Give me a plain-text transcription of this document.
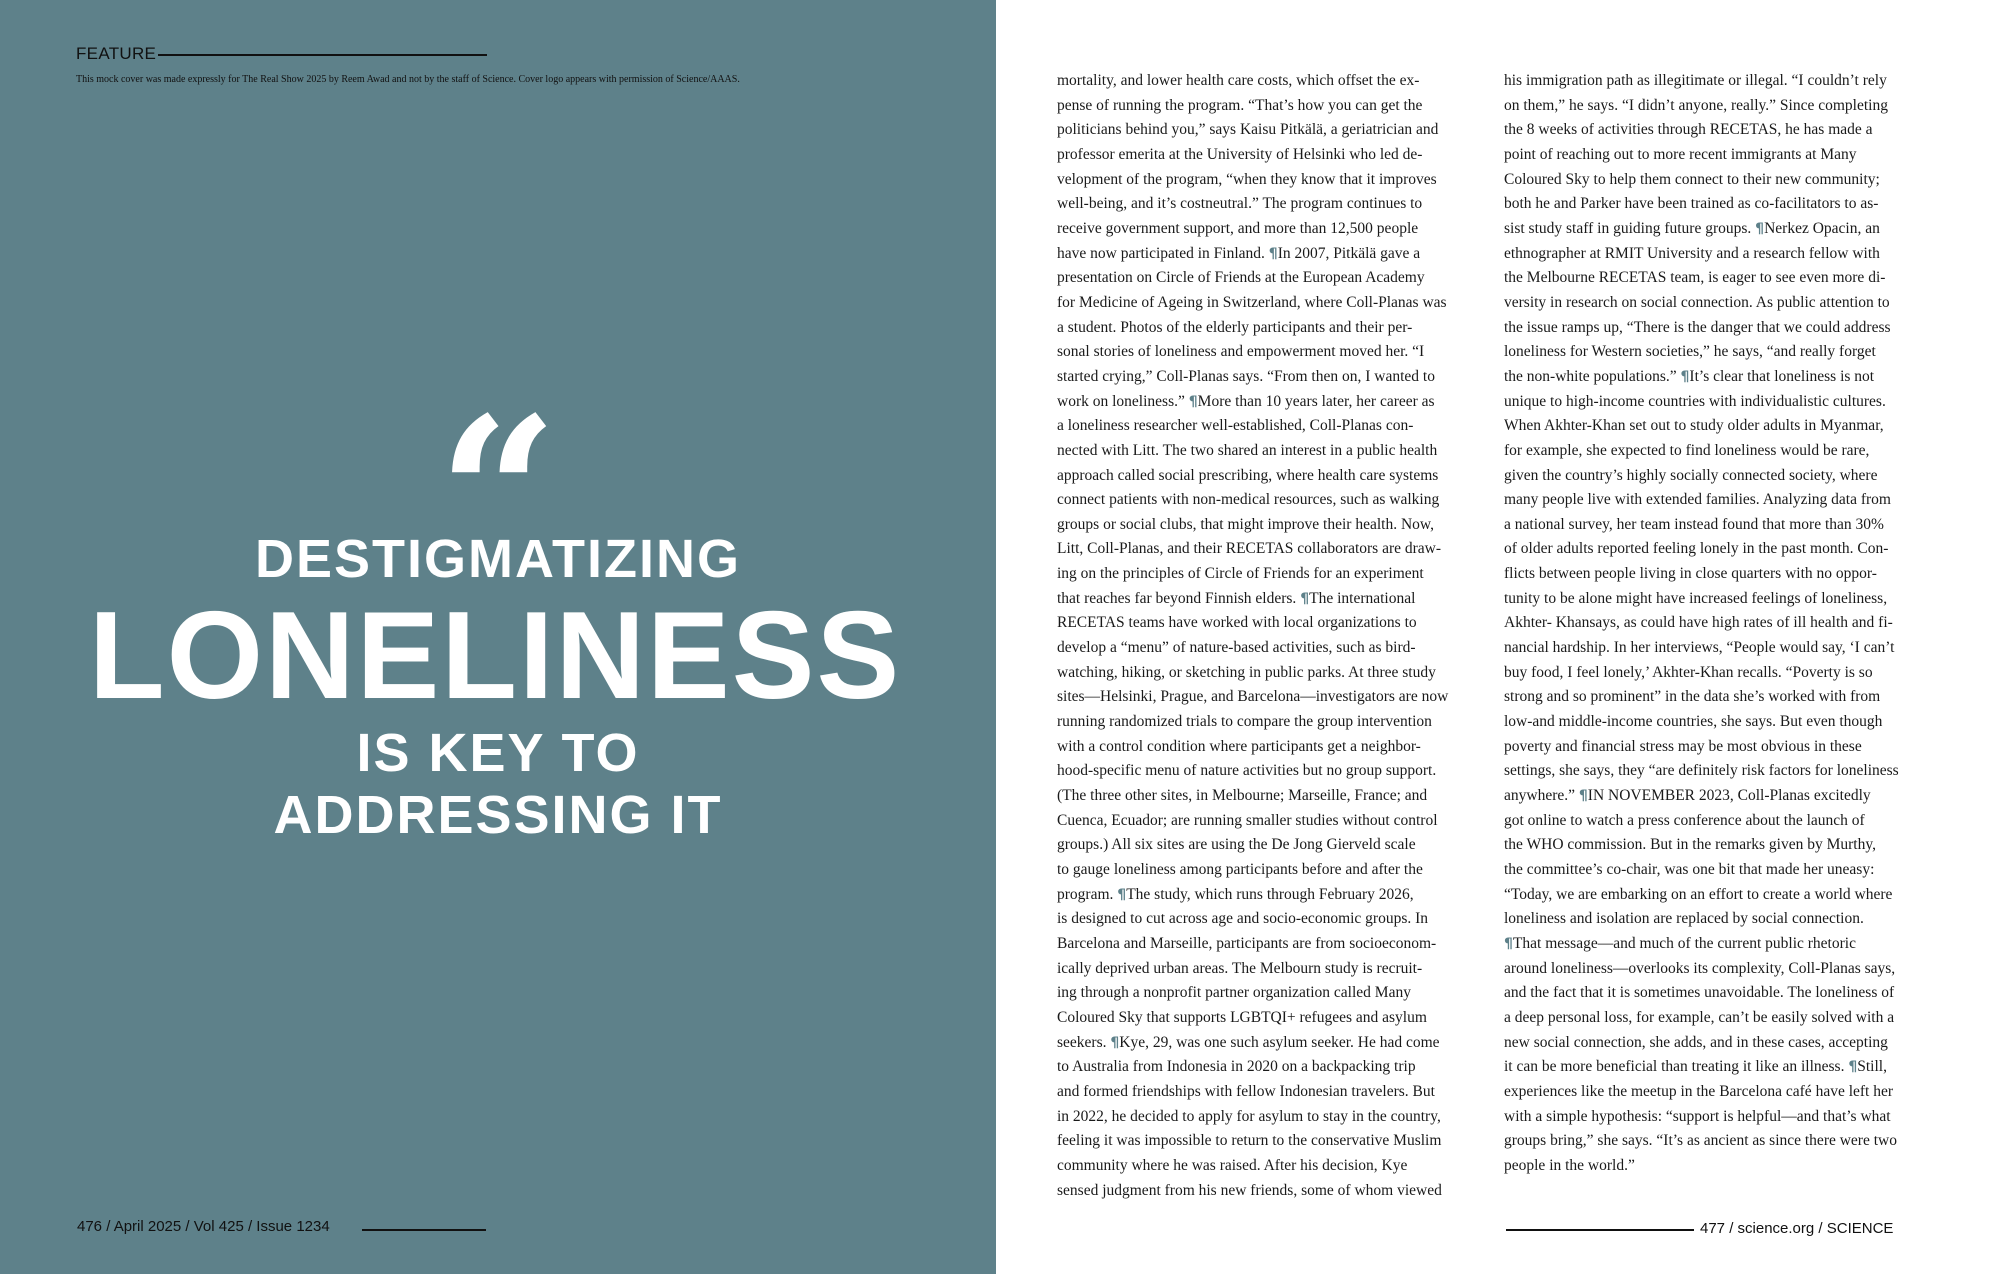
FEATURE
This mock cover was made expressly for The Real Show 2025 by Reem Awad and not by the staff of Science. Cover logo appears with permission of Science/AAAS.
“
DESTIGMATIZING
LONELINESS
IS KEY TO
ADDRESSING IT
476 / April 2025 / Vol 425 / Issue 1234
mortality, and lower health care costs, which offset the ex-
pense of running the program. “That’s how you can get the
politicians behind you,” says Kaisu Pitkälä, a geriatrician and
professor emerita at the University of Helsinki who led de-
velopment of the program, “when they know that it improves
well-being, and it’s costneutral.” The program continues to
receive government support, and more than 12,500 people
have now participated in Finland. ¶In 2007, Pitkälä gave a
presentation on Circle of Friends at the European Academy
for Medicine of Ageing in Switzerland, where Coll-Planas was
a student. Photos of the elderly participants and their per-
sonal stories of loneliness and empowerment moved her. “I
started crying,” Coll-Planas says. “From then on, I wanted to
work on loneliness.” ¶More than 10 years later, her career as
a loneliness researcher well-established, Coll-Planas con-
nected with Litt. The two shared an interest in a public health
approach called social prescribing, where health care systems
connect patients with non-medical resources, such as walking
groups or social clubs, that might improve their health. Now,
Litt, Coll-Planas, and their RECETAS collaborators are draw-
ing on the principles of Circle of Friends for an experiment
that reaches far beyond Finnish elders. ¶The international
RECETAS teams have worked with local organizations to
develop a “menu” of nature-based activities, such as bird-
watching, hiking, or sketching in public parks. At three study
sites—Helsinki, Prague, and Barcelona—investigators are now
running randomized trials to compare the group intervention
with a control condition where participants get a neighbor-
hood-specific menu of nature activities but no group support.
(The three other sites, in Melbourne; Marseille, France; and
Cuenca, Ecuador; are running smaller studies without control
groups.) All six sites are using the De Jong Gierveld scale
to gauge loneliness among participants before and after the
program. ¶The study, which runs through February 2026,
is designed to cut across age and socio-economic groups. In
Barcelona and Marseille, participants are from socioeconom-
ically deprived urban areas. The Melbourn study is recruit-
ing through a nonprofit partner organization called Many
Coloured Sky that supports LGBTQI+ refugees and asylum
seekers. ¶Kye, 29, was one such asylum seeker. He had come
to Australia from Indonesia in 2020 on a backpacking trip
and formed friendships with fellow Indonesian travelers. But
in 2022, he decided to apply for asylum to stay in the country,
feeling it was impossible to return to the conservative Muslim
community where he was raised. After his decision, Kye
sensed judgment from his new friends, some of whom viewed
his immigration path as illegitimate or illegal. “I couldn’t rely
on them,” he says. “I didn’t anyone, really.” Since completing
the 8 weeks of activities through RECETAS, he has made a
point of reaching out to more recent immigrants at Many
Coloured Sky to help them connect to their new community;
both he and Parker have been trained as co-facilitators to as-
sist study staff in guiding future groups. ¶Nerkez Opacin, an
ethnographer at RMIT University and a research fellow with
the Melbourne RECETAS team, is eager to see even more di-
versity in research on social connection. As public attention to
the issue ramps up, “There is the danger that we could address
loneliness for Western societies,” he says, “and really forget
the non-white populations.” ¶It’s clear that loneliness is not
unique to high-income countries with individualistic cultures.
When Akhter-Khan set out to study older adults in Myanmar,
for example, she expected to find loneliness would be rare,
given the country’s highly socially connected society, where
many people live with extended families. Analyzing data from
a national survey, her team instead found that more than 30%
of older adults reported feeling lonely in the past month. Con-
flicts between people living in close quarters with no oppor-
tunity to be alone might have increased feelings of loneliness,
Akhter- Khansays, as could have high rates of ill health and fi-
nancial hardship. In her interviews, “People would say, ‘I can’t
buy food, I feel lonely,’ Akhter-Khan recalls. “Poverty is so
strong and so prominent” in the data she’s worked with from
low-and middle-income countries, she says. But even though
poverty and financial stress may be most obvious in these
settings, she says, they “are definitely risk factors for loneliness
anywhere.” ¶IN NOVEMBER 2023, Coll-Planas excitedly
got online to watch a press conference about the launch of
the WHO commission. But in the remarks given by Murthy,
the committee’s co-chair, was one bit that made her uneasy:
“Today, we are embarking on an effort to create a world where
loneliness and isolation are replaced by social connection.
¶That message—and much of the current public rhetoric
around loneliness—overlooks its complexity, Coll-Planas says,
and the fact that it is sometimes unavoidable. The loneliness of
a deep personal loss, for example, can’t be easily solved with a
new social connection, she adds, and in these cases, accepting
it can be more beneficial than treating it like an illness. ¶Still,
experiences like the meetup in the Barcelona café have left her
with a simple hypothesis: “support is helpful—and that’s what
groups bring,” she says. “It’s as ancient as since there were two
people in the world.”
477 / science.org / SCIENCE
